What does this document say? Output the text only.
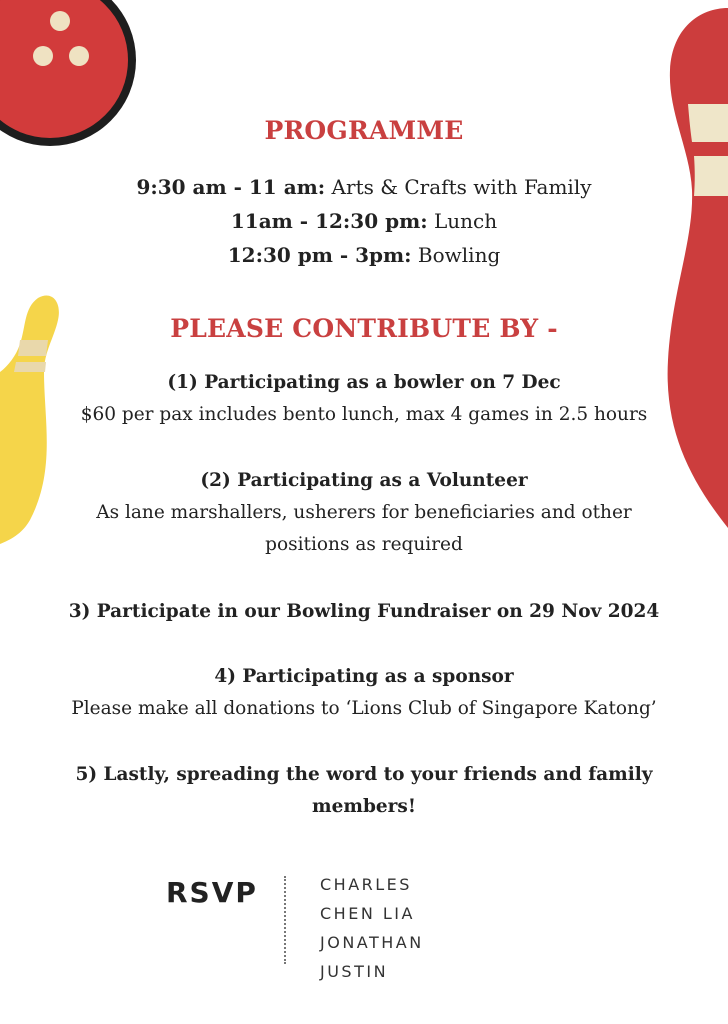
PROGRAMME
9:30 am - 11 am: Arts & Crafts with Family
11am - 12:30 pm: Lunch
12:30 pm - 3pm: Bowling
PLEASE CONTRIBUTE BY -
(1) Participating as a bowler on 7 Dec
$60 per pax includes bento lunch, max 4 games in 2.5 hours
(2) Participating as a Volunteer
As lane marshallers, usherers for beneficiaries and other
positions as required
3) Participate in our Bowling Fundraiser on 29 Nov 2024
4) Participating as a sponsor
Please make all donations to ‘Lions Club of Singapore Katong’
5) Lastly, spreading the word to your friends and family
members!
RSVP	CHARLES
CHEN LIA
JONATHAN
JUSTIN
